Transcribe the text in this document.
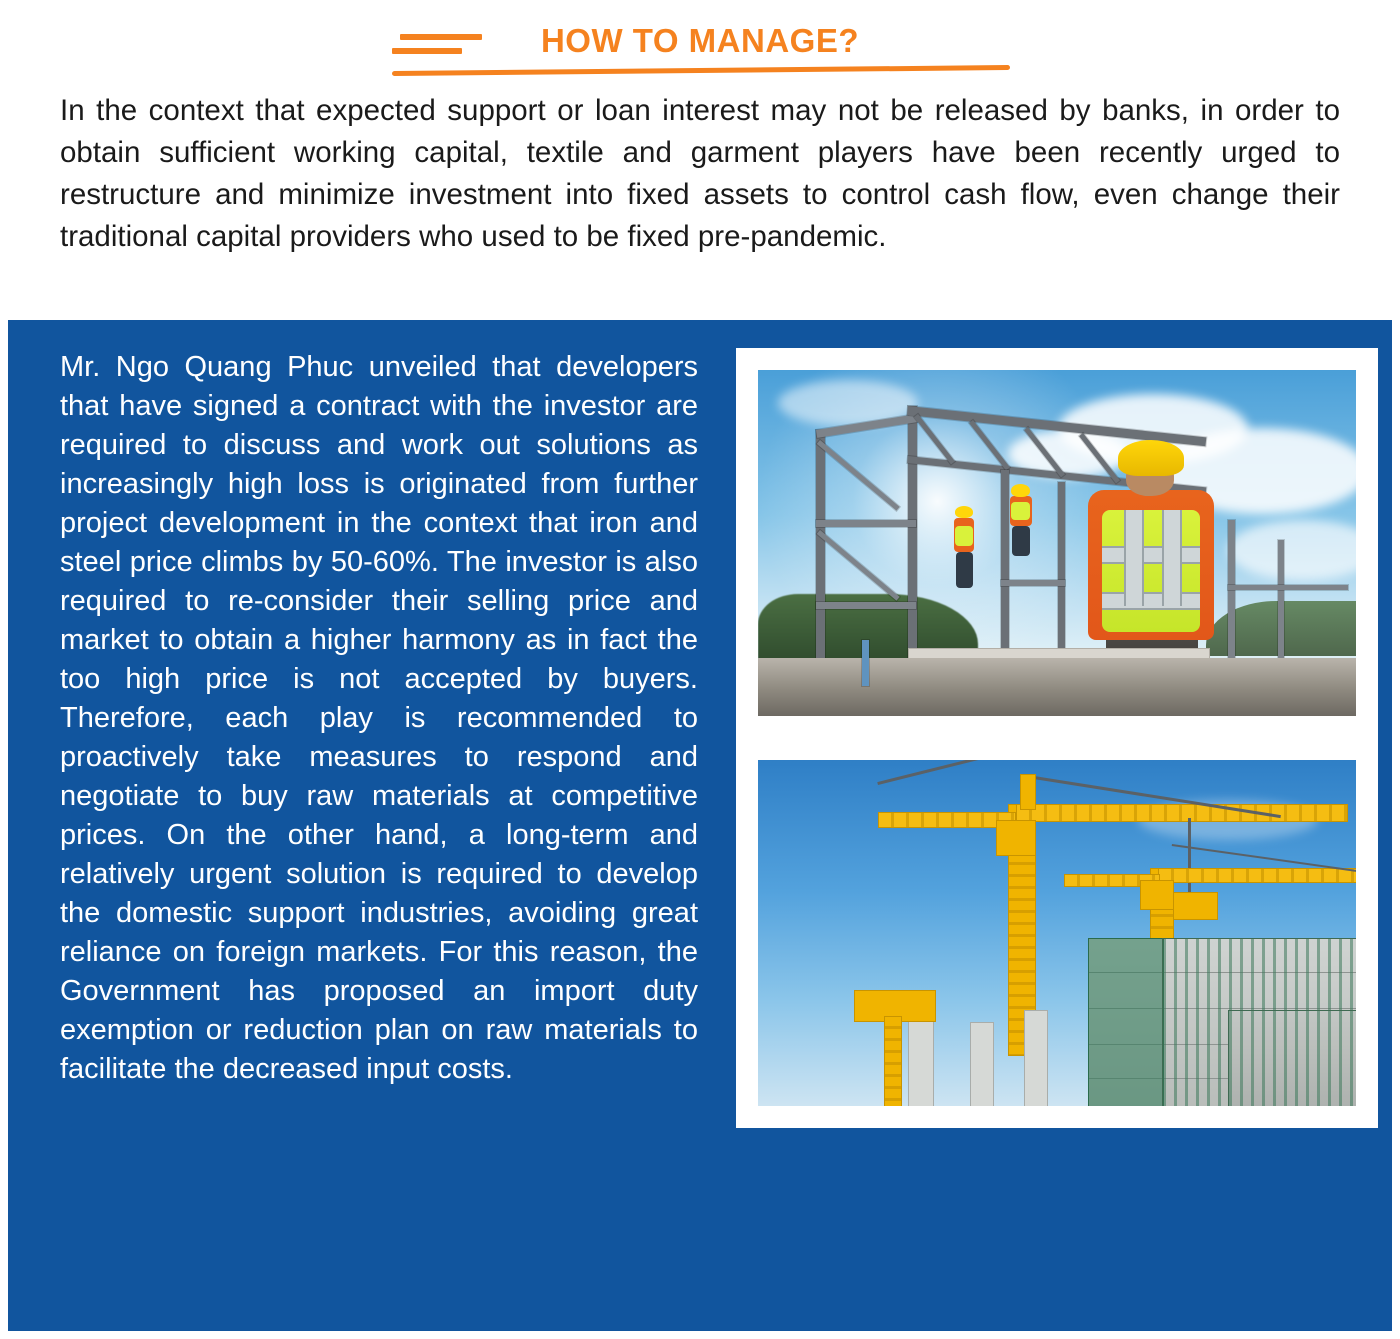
HOW TO MANAGE?

In the context that expected support or loan interest may not be released by banks, in order to obtain sufficient working capital, textile and garment players have been recently urged to restructure and minimize investment into fixed assets to control cash flow, even change their traditional capital providers who used to be fixed pre-pandemic.

Mr. Ngo Quang Phuc unveiled that developers that have signed a contract with the investor are required to discuss and work out solutions as increasingly high loss is originated from further project development in the context that iron and steel price climbs by 50-60%. The investor is also required to re-consider their selling price and market to obtain a higher harmony as in fact the too high price is not accepted by buyers. Therefore, each play is recommended to proactively take measures to respond and negotiate to buy raw materials at competitive prices. On the other hand, a long-term and relatively urgent solution is required to develop the domestic support industries, avoiding great reliance on foreign markets. For this reason, the Government has proposed an import duty exemption or reduction plan on raw materials to facilitate the decreased input costs.
